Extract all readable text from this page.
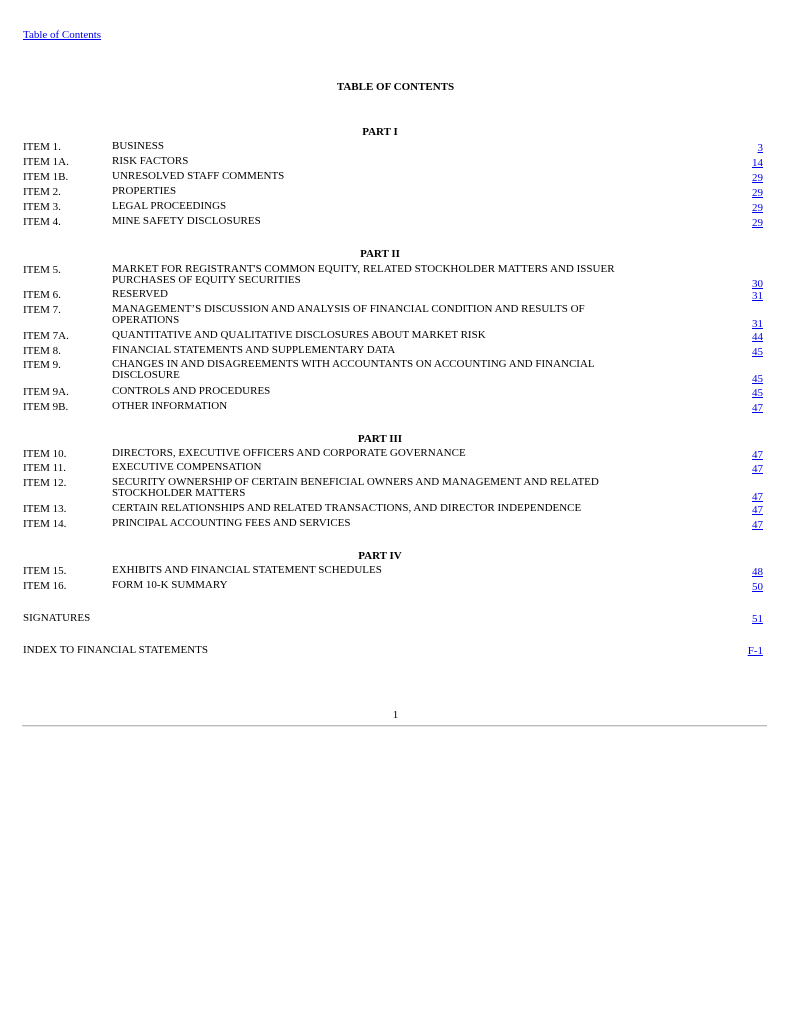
Table of Contents
TABLE OF CONTENTS
PART I
ITEM 1.	BUSINESS	3
ITEM 1A.	RISK FACTORS	14
ITEM 1B.	UNRESOLVED STAFF COMMENTS	29
ITEM 2.	PROPERTIES	29
ITEM 3.	LEGAL PROCEEDINGS	29
ITEM 4.	MINE SAFETY DISCLOSURES	29
PART II
ITEM 5.	MARKET FOR REGISTRANT'S COMMON EQUITY, RELATED STOCKHOLDER MATTERS AND ISSUER PURCHASES OF EQUITY SECURITIES	30
ITEM 6.	RESERVED	31
ITEM 7.	MANAGEMENT’S DISCUSSION AND ANALYSIS OF FINANCIAL CONDITION AND RESULTS OF OPERATIONS	31
ITEM 7A.	QUANTITATIVE AND QUALITATIVE DISCLOSURES ABOUT MARKET RISK	44
ITEM 8.	FINANCIAL STATEMENTS AND SUPPLEMENTARY DATA	45
ITEM 9.	CHANGES IN AND DISAGREEMENTS WITH ACCOUNTANTS ON ACCOUNTING AND FINANCIAL DISCLOSURE	45
ITEM 9A.	CONTROLS AND PROCEDURES	45
ITEM 9B.	OTHER INFORMATION	47
PART III
ITEM 10.	DIRECTORS, EXECUTIVE OFFICERS AND CORPORATE GOVERNANCE	47
ITEM 11.	EXECUTIVE COMPENSATION	47
ITEM 12.	SECURITY OWNERSHIP OF CERTAIN BENEFICIAL OWNERS AND MANAGEMENT AND RELATED STOCKHOLDER MATTERS	47
ITEM 13.	CERTAIN RELATIONSHIPS AND RELATED TRANSACTIONS, AND DIRECTOR INDEPENDENCE	47
ITEM 14.	PRINCIPAL ACCOUNTING FEES AND SERVICES	47
PART IV
ITEM 15.	EXHIBITS AND FINANCIAL STATEMENT SCHEDULES	48
ITEM 16.	FORM 10-K SUMMARY	50
SIGNATURES	51
INDEX TO FINANCIAL STATEMENTS	F-1
1
